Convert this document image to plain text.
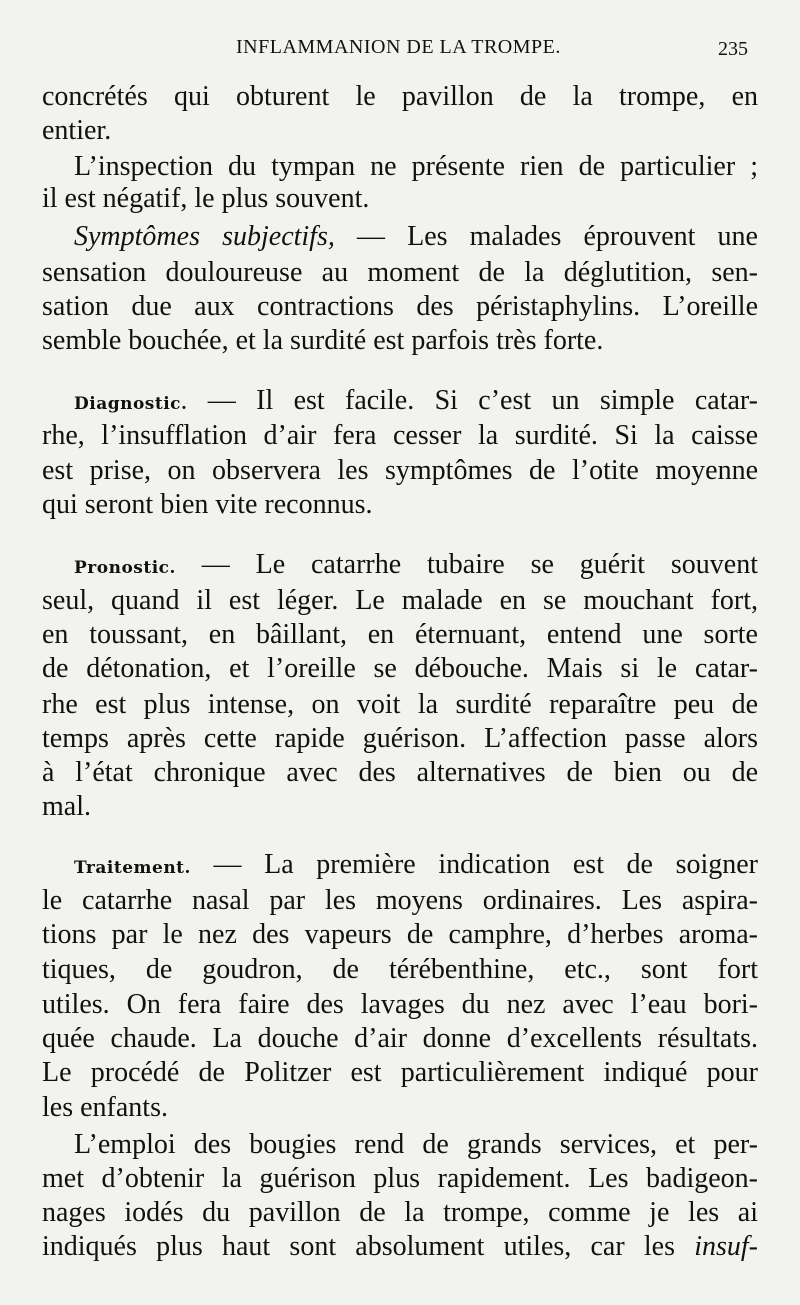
INFLAMMANION DE LA TROMPE.	235
concrétés qui obturent le pavillon de la trompe, en
entier.
L’inspection du tympan ne présente rien de particulier ;
il est négatif, le plus souvent.
Symptômes subjectifs, — Les malades éprouvent une
sensation douloureuse au moment de la déglutition, sen-
sation due aux contractions des péristaphylins. L’oreille
semble bouchée, et la surdité est parfois très forte.
Diagnostic. — Il est facile. Si c’est un simple catar-
rhe, l’insufflation d’air fera cesser la surdité. Si la caisse
est prise, on observera les symptômes de l’otite moyenne
qui seront bien vite reconnus.
Pronostic. — Le catarrhe tubaire se guérit souvent
seul, quand il est léger. Le malade en se mouchant fort,
en toussant, en bâillant, en éternuant, entend une sorte
de détonation, et l’oreille se débouche. Mais si le catar-
rhe est plus intense, on voit la surdité reparaître peu de
temps après cette rapide guérison. L’affection passe alors
à l’état chronique avec des alternatives de bien ou de
mal.
Traitement. — La première indication est de soigner
le catarrhe nasal par les moyens ordinaires. Les aspira-
tions par le nez des vapeurs de camphre, d’herbes aroma-
tiques, de goudron, de térébenthine, etc., sont fort
utiles. On fera faire des lavages du nez avec l’eau bori-
quée chaude. La douche d’air donne d’excellents résultats.
Le procédé de Politzer est particulièrement indiqué pour
les enfants.
L’emploi des bougies rend de grands services, et per-
met d’obtenir la guérison plus rapidement. Les badigeon-
nages iodés du pavillon de la trompe, comme je les ai
indiqués plus haut sont absolument utiles, car les insuf-
